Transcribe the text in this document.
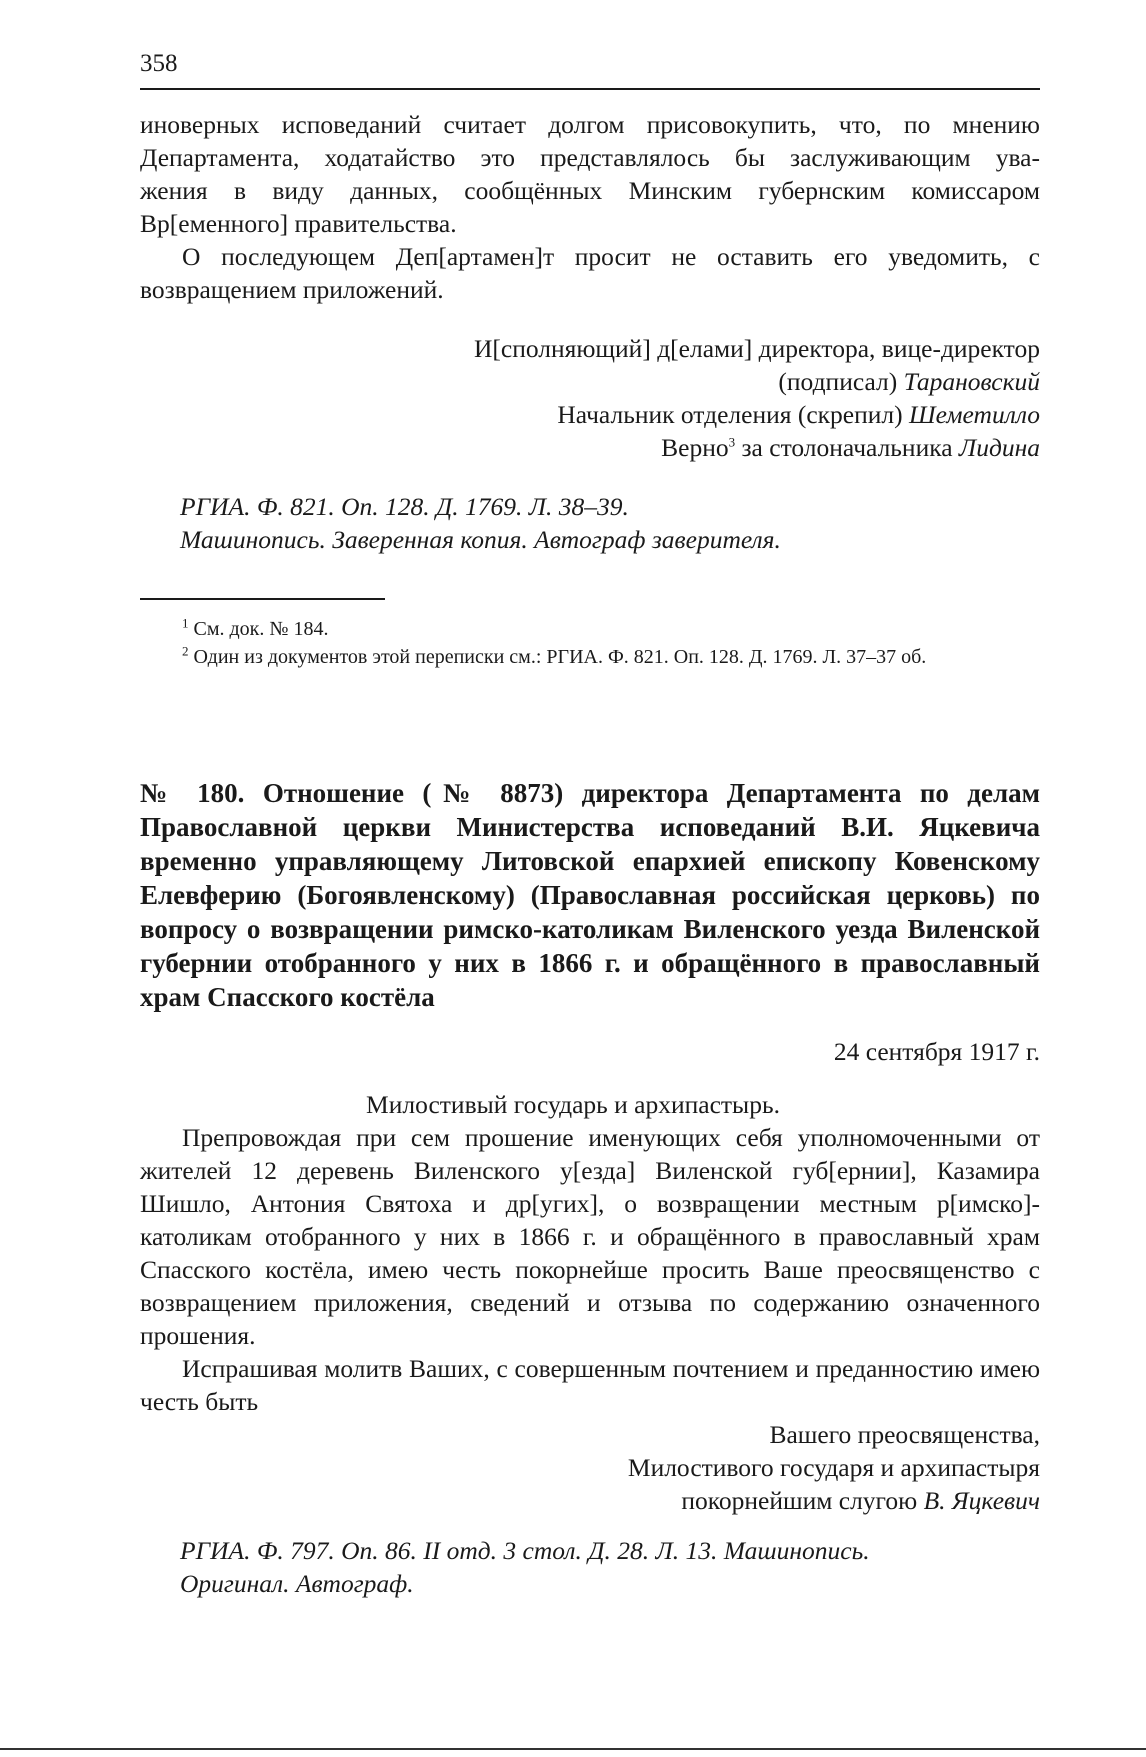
358
иноверных исповеданий считает долгом присовокупить, что, по мнению
Департамента, ходатайство это представлялось бы заслуживающим ува-
жения в виду данных, сообщённых Минским губернским комиссаром
Вр[еменного] правительства.
О последующем Деп[артамен]т просит не оставить его уведомить, с возвращением приложений.
И[сполняющий] д[елами] директора, вице-директор
(подписал) Тарановский
Начальник отделения (скрепил) Шеметилло
Верно$^3$ за столоначальника Лидина
РГИА. Ф. 821. Оп. 128. Д. 1769. Л. 38–39.
Машинопись. Заверенная копия. Автограф заверителя.
$^1$ См. док. № 184.
$^2$ Один из документов этой переписки см.: РГИА. Ф. 821. Оп. 128. Д. 1769. Л. 37–37 об.
№ 180. Отношение (№ 8873) директора Департамента по делам Православной церкви Министерства исповеданий В.И. Яцкевича временно управляющему Литовской епархией епископу Ковенскому Елевферию (Богоявленскому) (Православная российская церковь) по вопросу о возвращении римско-католикам Виленского уезда Виленской губернии отобранного у них в 1866 г. и обращённого в православный храм Спасского костёла
24 сентября 1917 г.
Милостивый государь и архипастырь.
Препровождая при сем прошение именующих себя уполномоченными от жителей 12 деревень Виленского у[езда] Виленской губ[ернии], Казамира Шишло, Антония Святоха и др[угих], о возвращении местным р[имско]-католикам отобранного у них в 1866 г. и обращённого в православный храм Спасского костёла, имею честь покорнейше просить Ваше преосвященство с возвращением приложения, сведений и отзыва по содержанию означенного прошения.
Испрашивая молитв Ваших, с совершенным почтением и преданностию имею честь быть
Вашего преосвященства,
Милостивого государя и архипастыря
покорнейшим слугою В. Яцкевич
РГИА. Ф. 797. Оп. 86. II отд. 3 стол. Д. 28. Л. 13. Машинопись.
Оригинал. Автограф.
